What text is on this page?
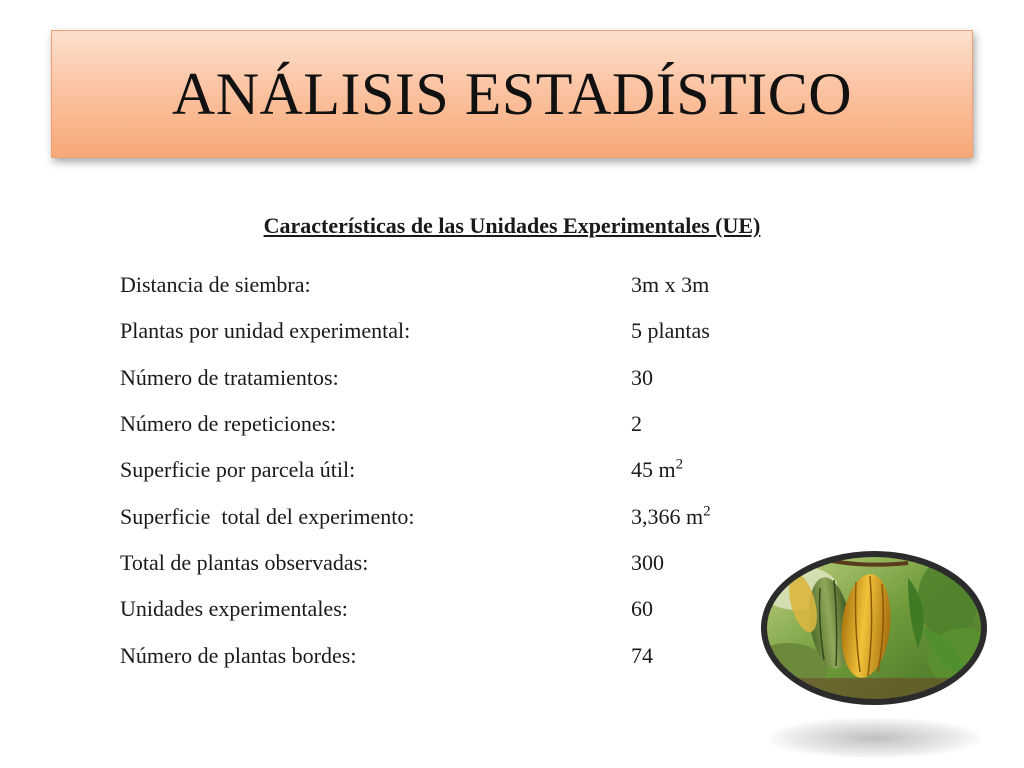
ANÁLISIS ESTADÍSTICO
Características de las Unidades Experimentales (UE)
Distancia de siembra:	3m x 3m
Plantas por unidad experimental:	5 plantas
Número de tratamientos:	30
Número de repeticiones:	2
Superficie por parcela útil:	45 $m^2$
Superficie  total del experimento:	3,366 $m^2$
Total de plantas observadas:	300
Unidades experimentales:	60
Número de plantas bordes:	74
